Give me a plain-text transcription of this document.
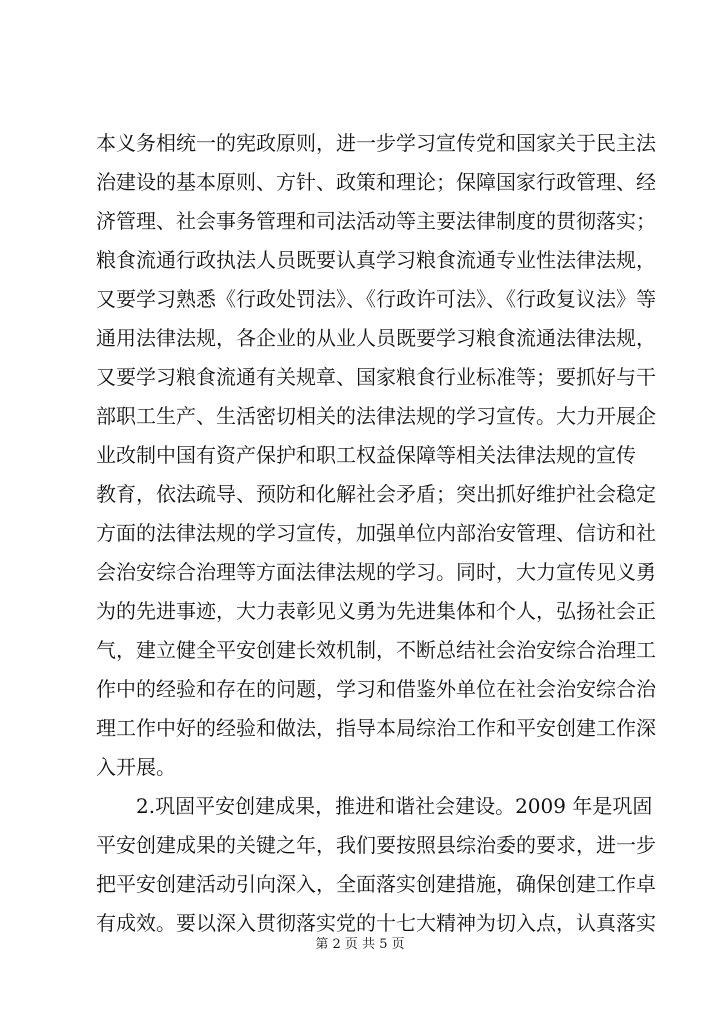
本义务相统一的宪政原则，进一步学习宣传党和国家关于民主法
治建设的基本原则、方针、政策和理论；保障国家行政管理、经
济管理、社会事务管理和司法活动等主要法律制度的贯彻落实；
粮食流通行政执法人员既要认真学习粮食流通专业性法律法规，
又要学习熟悉《行政处罚法》、《行政许可法》、《行政复议法》等
通用法律法规，各企业的从业人员既要学习粮食流通法律法规，
又要学习粮食流通有关规章、国家粮食行业标准等；要抓好与干
部职工生产、生活密切相关的法律法规的学习宣传。大力开展企
业改制中国有资产保护和职工权益保障等相关法律法规的宣传
教育，依法疏导、预防和化解社会矛盾；突出抓好维护社会稳定
方面的法律法规的学习宣传，加强单位内部治安管理、信访和社
会治安综合治理等方面法律法规的学习。同时，大力宣传见义勇
为的先进事迹，大力表彰见义勇为先进集体和个人，弘扬社会正
气，建立健全平安创建长效机制，不断总结社会治安综合治理工
作中的经验和存在的问题，学习和借鉴外单位在社会治安综合治
理工作中好的经验和做法，指导本局综治工作和平安创建工作深
入开展。
　　2.巩固平安创建成果，推进和谐社会建设。2009 年是巩固
平安创建成果的关键之年，我们要按照县综治委的要求，进一步
把平安创建活动引向深入，全面落实创建措施，确保创建工作卓
有成效。要以深入贯彻落实党的十七大精神为切入点，认真落实
第 2 页 共 5 页
